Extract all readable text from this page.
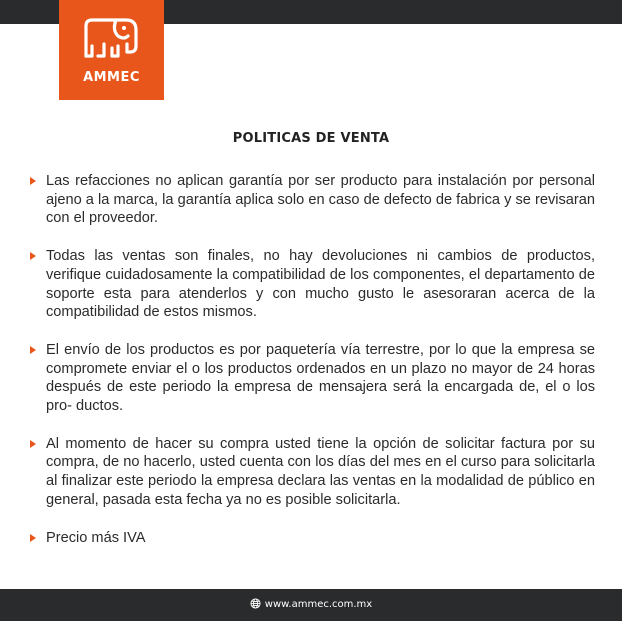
AMMEC
POLITICAS DE VENTA
Las refacciones no aplican garantía por ser producto para instalación por personal ajeno a la marca, la garantía aplica solo en caso de defecto de fabrica y se revisaran con el proveedor.
Todas las ventas son finales, no hay devoluciones ni cambios de productos, verifique cuidadosamente la compatibilidad de los componentes, el departamento de soporte esta para atenderlos y con mucho gusto le asesoraran acerca de la compatibilidad de estos mismos.
El envío de los productos es por paquetería vía terrestre, por lo que la empresa se compromete enviar el o los productos ordenados en un plazo no mayor de 24 horas después de este periodo la empresa de mensajera será la encargada de, el o los pro- ductos.
Al momento de hacer su compra usted tiene la opción de solicitar factura por su compra, de no hacerlo, usted cuenta con los días del mes en el curso para solicitarla al finalizar este periodo la empresa declara las ventas en la modalidad de público en general, pasada esta fecha ya no es posible solicitarla.
Precio más IVA
www.ammec.com.mx
